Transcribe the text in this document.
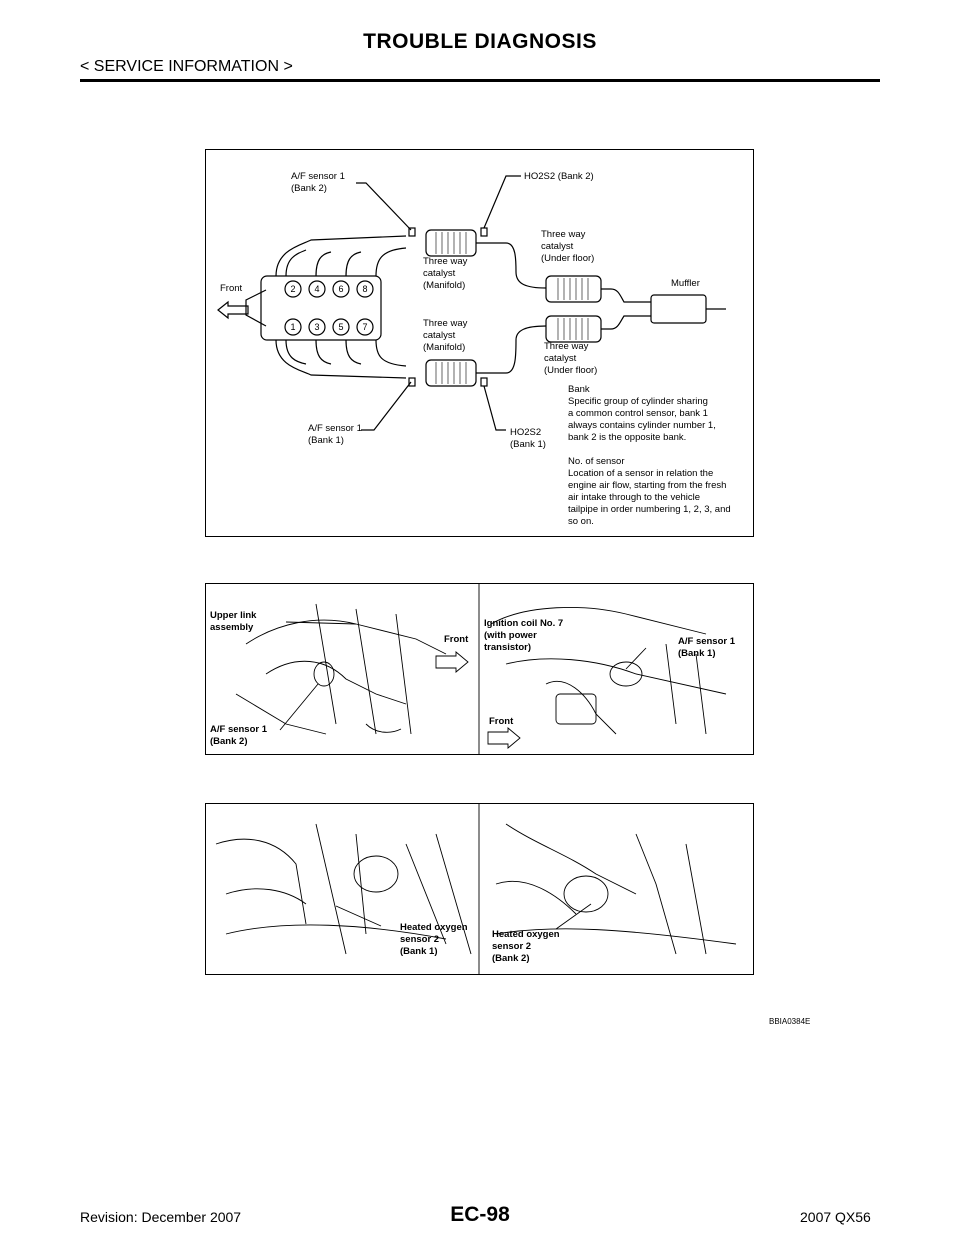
TROUBLE DIAGNOSIS
< SERVICE INFORMATION >
2 4 6 8
1 3 5 7
A/F sensor 1
(Bank 2)
HO2S2 (Bank 2)
Three way
catalyst
(Under floor)
Three way
catalyst
(Manifold)
Front	Muffler
Three way
catalyst
(Manifold)	Three way
catalyst
(Under floor)
Bank
Specific group of cylinder sharing
a common control sensor, bank 1
always contains cylinder number 1,
bank 2 is the opposite bank.
A/F sensor 1
(Bank 1)
HO2S2
(Bank 1)
No. of sensor
Location of a sensor in relation the
engine air flow, starting from the fresh
air intake through to the vehicle
tailpipe in order numbering 1, 2, 3, and
so on.
Upper link
assembly
Front
A/F sensor 1
(Bank 2)
Ignition coil No. 7
(with power
transistor)
A/F sensor 1
(Bank 1)
Front
Heated oxygen
sensor 2
(Bank 1)
Heated oxygen
sensor 2
(Bank 2)
BBIA0384E
Revision: December 2007	EC-98	2007 QX56
